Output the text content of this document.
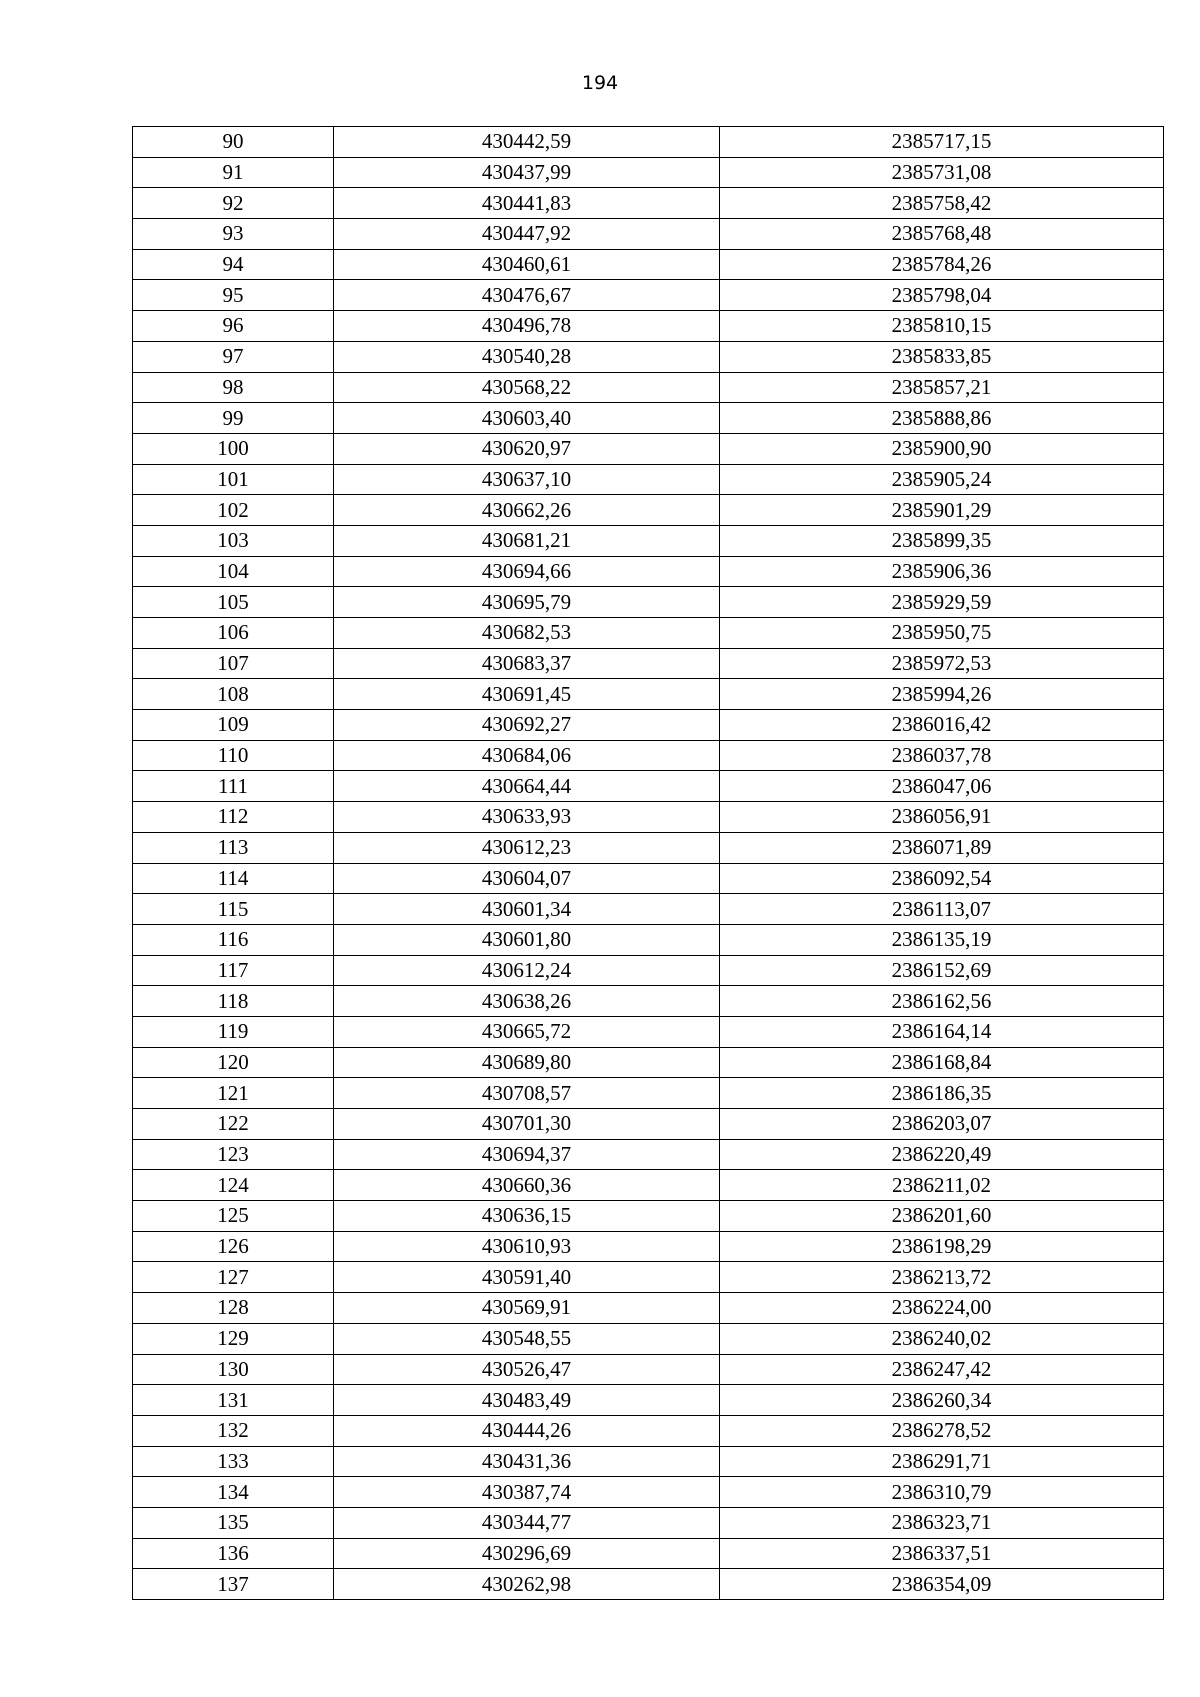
194
90	430442,59	2385717,15
91	430437,99	2385731,08
92	430441,83	2385758,42
93	430447,92	2385768,48
94	430460,61	2385784,26
95	430476,67	2385798,04
96	430496,78	2385810,15
97	430540,28	2385833,85
98	430568,22	2385857,21
99	430603,40	2385888,86
100	430620,97	2385900,90
101	430637,10	2385905,24
102	430662,26	2385901,29
103	430681,21	2385899,35
104	430694,66	2385906,36
105	430695,79	2385929,59
106	430682,53	2385950,75
107	430683,37	2385972,53
108	430691,45	2385994,26
109	430692,27	2386016,42
110	430684,06	2386037,78
111	430664,44	2386047,06
112	430633,93	2386056,91
113	430612,23	2386071,89
114	430604,07	2386092,54
115	430601,34	2386113,07
116	430601,80	2386135,19
117	430612,24	2386152,69
118	430638,26	2386162,56
119	430665,72	2386164,14
120	430689,80	2386168,84
121	430708,57	2386186,35
122	430701,30	2386203,07
123	430694,37	2386220,49
124	430660,36	2386211,02
125	430636,15	2386201,60
126	430610,93	2386198,29
127	430591,40	2386213,72
128	430569,91	2386224,00
129	430548,55	2386240,02
130	430526,47	2386247,42
131	430483,49	2386260,34
132	430444,26	2386278,52
133	430431,36	2386291,71
134	430387,74	2386310,79
135	430344,77	2386323,71
136	430296,69	2386337,51
137	430262,98	2386354,09
